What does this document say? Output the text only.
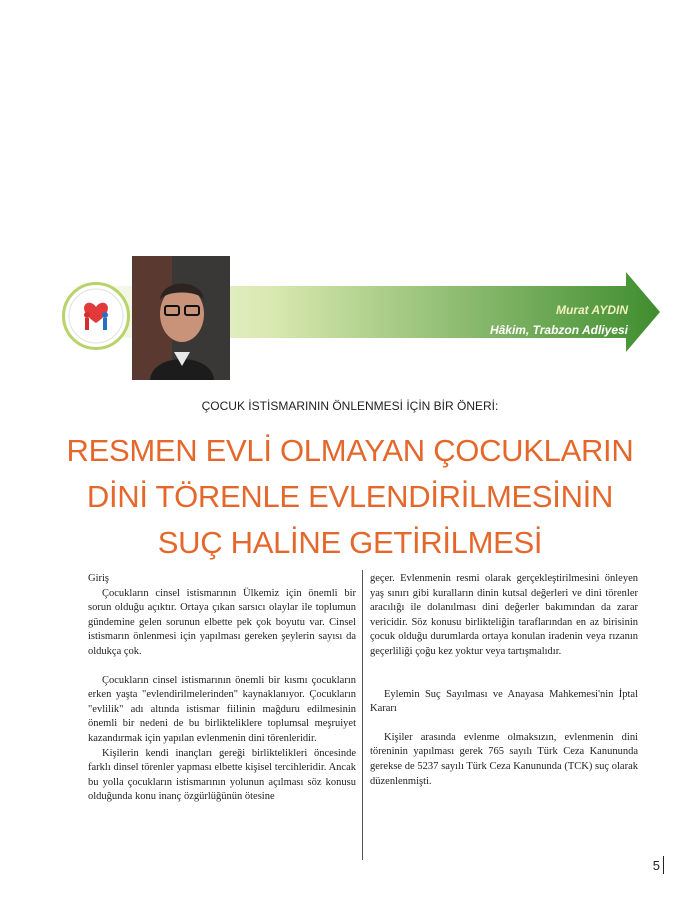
Murat AYDIN
Hâkim, Trabzon Adliyesi
ÇOCUK İSTİSMARININ ÖNLENMESİ İÇİN BİR ÖNERİ:
RESMEN EVLİ OLMAYAN ÇOCUKLARIN
DİNİ TÖRENLE EVLENDİRİLMESİNİN
SUÇ HALİNE GETİRİLMESİ

Giriş

Çocukların cinsel istismarının Ülkemiz için önemli bir sorun olduğu açıktır. Ortaya çıkan sarsıcı olaylar ile toplumun gündemine gelen sorunun elbette pek çok boyutu var. Cinsel istismarın önlenmesi için yapılması gereken şeylerin sayısı da oldukça çok.

Çocukların cinsel istismarının önemli bir kısmı çocukların erken yaşta "evlendirilmelerinden" kaynaklanıyor. Çocukların "evlilik" adı altında istismar fiilinin mağduru edilmesinin önemli bir nedeni de bu birlikteliklere toplumsal meşruiyet kazandırmak için yapılan evlenmenin dini törenleridir.

Kişilerin kendi inançları gereği birliktelikleri öncesinde farklı dinsel törenler yapması elbette kişisel tercihleridir. Ancak bu yolla çocukların istismarının yolunun açılması söz konusu olduğunda konu inanç özgürlüğünün ötesine

geçer. Evlenmenin resmi olarak gerçekleştirilmesini önleyen yaş sınırı gibi kuralların dinin kutsal değerleri ve dini törenler aracılığı ile dolanılması dini değerler bakımından da zarar vericidir. Söz konusu birlikteliğin taraflarından en az birisinin çocuk olduğu durumlarda ortaya konulan iradenin veya rızanın geçerliliği çoğu kez yoktur veya tartışmalıdır.

Eylemin Suç Sayılması ve Anayasa Mahkemesi'nin İptal Kararı

Kişiler arasında evlenme olmaksızın, evlenmenin dini töreninin yapılması gerek 765 sayılı Türk Ceza Kanununda gerekse de 5237 sayılı Türk Ceza Kanununda (TCK) suç olarak düzenlenmişti.

5
